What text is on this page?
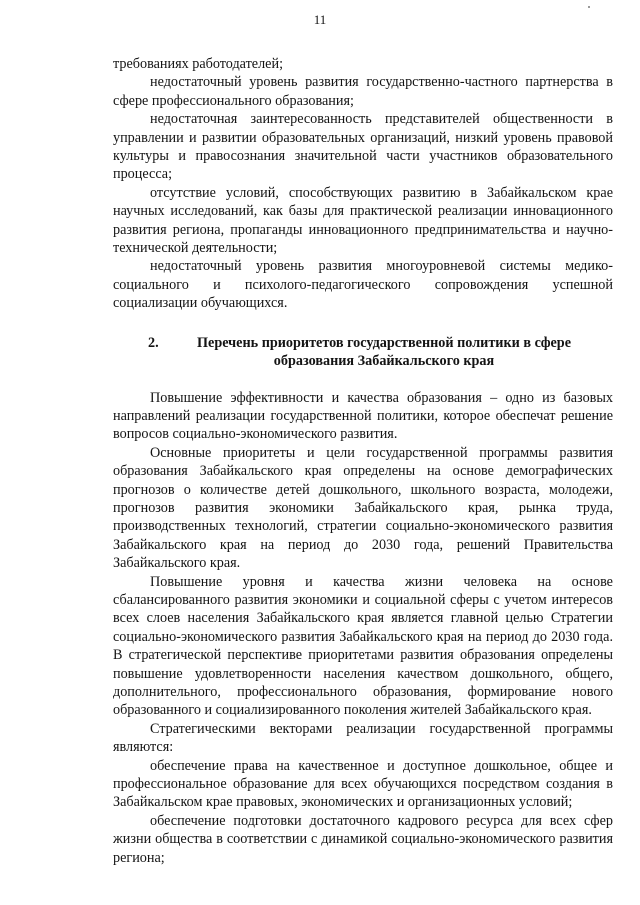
11

требованиях работодателей;

недостаточный уровень развития государственно-частного партнерства в сфере профессионального образования;

недостаточная заинтересованность представителей общественности в управлении и развитии образовательных организаций, низкий уровень правовой культуры и правосознания значительной части участников образовательного процесса;

отсутствие условий, способствующих развитию в Забайкальском крае научных исследований, как базы для практической реализации инновационного развития региона, пропаганды инновационного предпринимательства и научно-технической деятельности;

недостаточный уровень развития многоуровневой системы медико-социального и психолого-педагогического сопровождения успешной социализации обучающихся.

2.	Перечень приоритетов государственной политики в сфере образования Забайкальского края

Повышение эффективности и качества образования – одно из базовых направлений реализации государственной политики, которое обеспечат решение вопросов социально-экономического развития.

Основные приоритеты и цели государственной программы развития образования Забайкальского края определены на основе демографических прогнозов о количестве детей дошкольного, школьного возраста, молодежи, прогнозов развития экономики Забайкальского края, рынка труда, производственных технологий, стратегии социально-экономического развития Забайкальского края на период до 2030 года, решений Правительства Забайкальского края.

Повышение уровня и качества жизни человека на основе сбалансированного развития экономики и социальной сферы с учетом интересов всех слоев населения Забайкальского края является главной целью Стратегии социально-экономического развития Забайкальского края на период до 2030 года. В стратегической перспективе приоритетами развития образования определены повышение удовлетворенности населения качеством дошкольного, общего, дополнительного, профессионального образования, формирование нового образованного и социализированного поколения жителей Забайкальского края.

Стратегическими векторами реализации государственной программы являются:

обеспечение права на качественное и доступное дошкольное, общее и профессиональное образование для всех обучающихся посредством создания в Забайкальском крае правовых, экономических и организационных условий;

обеспечение подготовки достаточного кадрового ресурса для всех сфер жизни общества в соответствии с динамикой социально-экономического развития региона;
